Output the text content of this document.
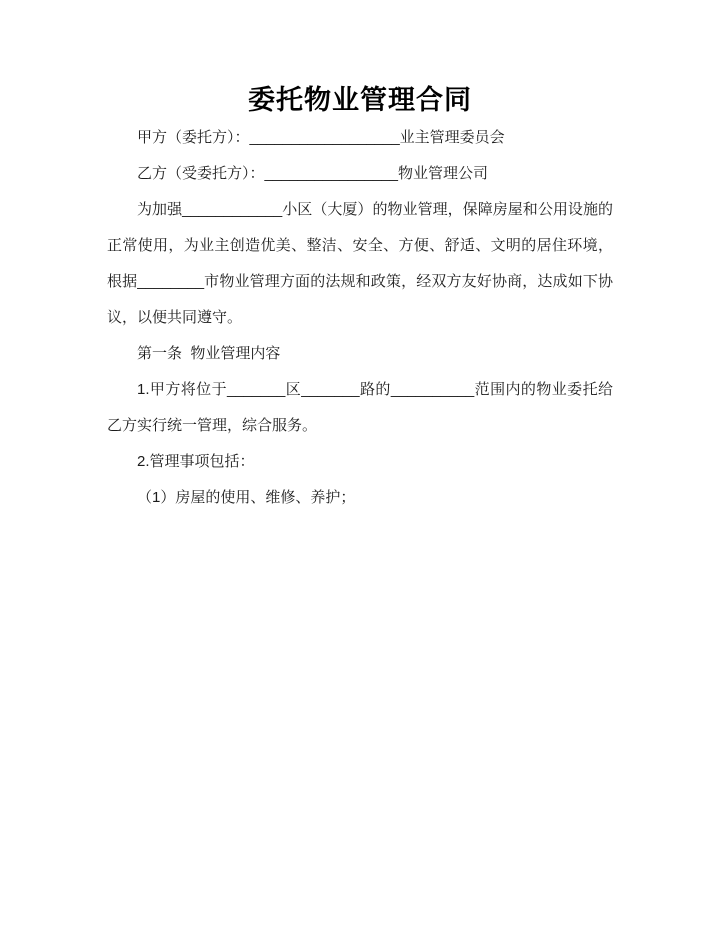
委托物业管理合同

甲方（委托方）：__________________业主管理委员会

乙方（受委托方）：________________物业管理公司

为加强____________小区（大厦）的物业管理，保障房屋和公用设施的正常使用，为业主创造优美、整洁、安全、方便、舒适、文明的居住环境，根据________市物业管理方面的法规和政策，经双方友好协商，达成如下协议，以便共同遵守。

第一条  物业管理内容

1.甲方将位于_______区_______路的__________范围内的物业委托给乙方实行统一管理，综合服务。

2.管理事项包括：

（1）房屋的使用、维修、养护；
